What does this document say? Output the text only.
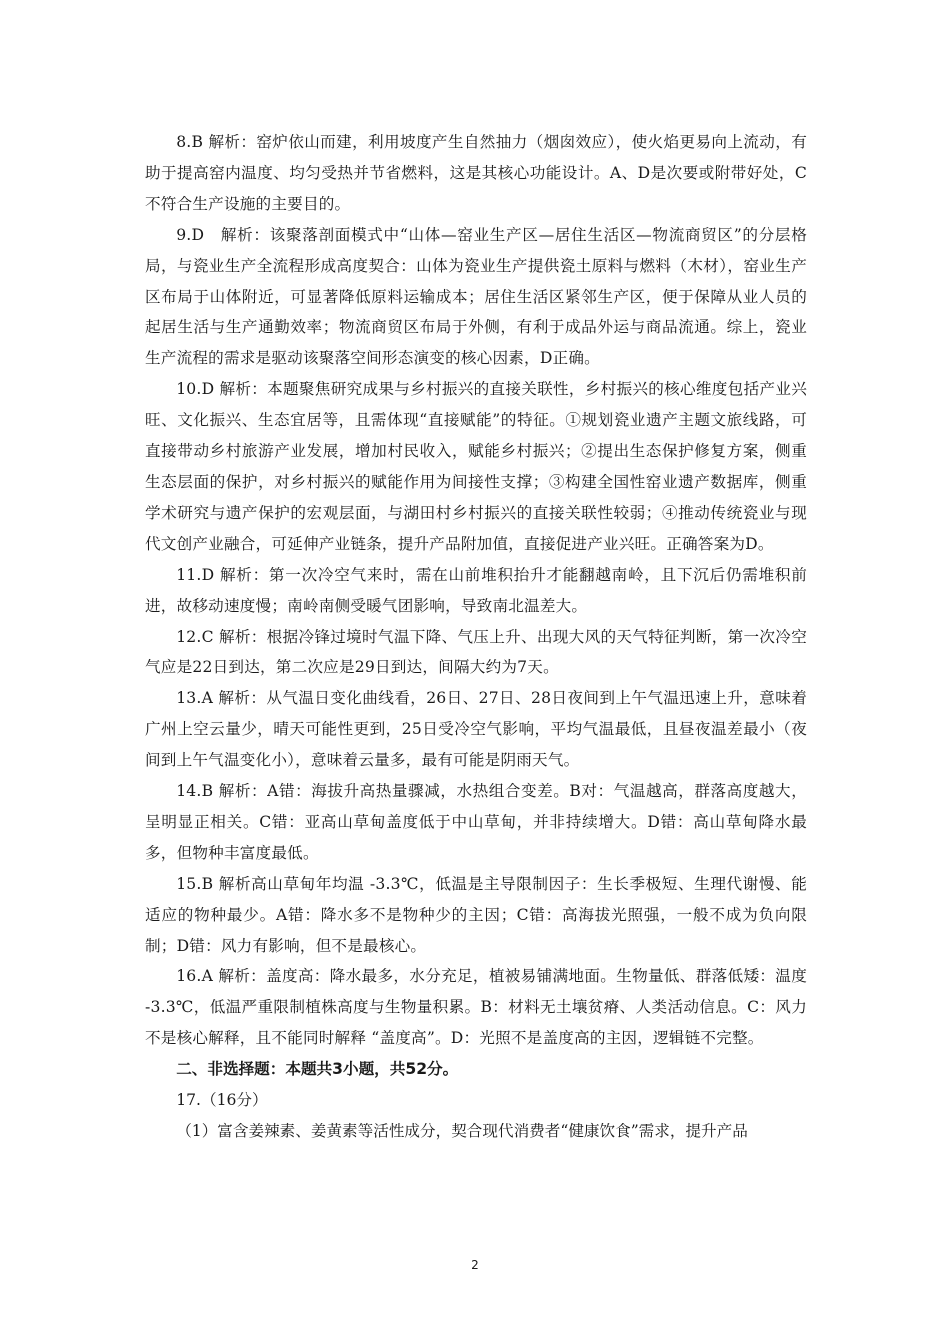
8.B 解析：窑炉依山而建，利用坡度产生自然抽力（烟囱效应），使火焰更易向上流动，有助于提高窑内温度、均匀受热并节省燃料，这是其核心功能设计。A、D是次要或附带好处，C不符合生产设施的主要目的。

9.D　解析：该聚落剖面模式中“山体—窑业生产区—居住生活区—物流商贸区”的分层格局，与瓷业生产全流程形成高度契合：山体为瓷业生产提供瓷土原料与燃料（木材），窑业生产区布局于山体附近，可显著降低原料运输成本；居住生活区紧邻生产区，便于保障从业人员的起居生活与生产通勤效率；物流商贸区布局于外侧，有利于成品外运与商品流通。综上，瓷业生产流程的需求是驱动该聚落空间形态演变的核心因素，D正确。

10.D 解析：本题聚焦研究成果与乡村振兴的直接关联性，乡村振兴的核心维度包括产业兴旺、文化振兴、生态宜居等，且需体现“直接赋能”的特征。①规划瓷业遗产主题文旅线路，可直接带动乡村旅游产业发展，增加村民收入，赋能乡村振兴；②提出生态保护修复方案，侧重生态层面的保护，对乡村振兴的赋能作用为间接性支撑；③构建全国性窑业遗产数据库，侧重学术研究与遗产保护的宏观层面，与湖田村乡村振兴的直接关联性较弱；④推动传统瓷业与现代文创产业融合，可延伸产业链条，提升产品附加值，直接促进产业兴旺。正确答案为D。

11.D 解析：第一次冷空气来时，需在山前堆积抬升才能翻越南岭，且下沉后仍需堆积前进，故移动速度慢；南岭南侧受暖气团影响，导致南北温差大。

12.C 解析：根据冷锋过境时气温下降、气压上升、出现大风的天气特征判断，第一次冷空气应是22日到达，第二次应是29日到达，间隔大约为7天。

13.A 解析：从气温日变化曲线看，26日、27日、28日夜间到上午气温迅速上升，意味着广州上空云量少，晴天可能性更到，25日受冷空气影响，平均气温最低，且昼夜温差最小（夜间到上午气温变化小），意味着云量多，最有可能是阴雨天气。

14.B 解析：A错：海拔升高热量骤减，水热组合变差。B对：气温越高，群落高度越大，呈明显正相关。C错：亚高山草甸盖度低于中山草甸，并非持续增大。D错：高山草甸降水最多，但物种丰富度最低。

15.B 解析高山草甸年均温 -3.3℃，低温是主导限制因子：生长季极短、生理代谢慢、能适应的物种最少。A错：降水多不是物种少的主因；C错：高海拔光照强，一般不成为负向限制；D错：风力有影响，但不是最核心。

16.A 解析：盖度高：降水最多，水分充足，植被易铺满地面。生物量低、群落低矮：温度 -3.3℃，低温严重限制植株高度与生物量积累。B：材料无土壤贫瘠、人类活动信息。C：风力不是核心解释，且不能同时解释 “盖度高”。D：光照不是盖度高的主因，逻辑链不完整。

二、非选择题：本题共3小题，共52分。

17.（16分）

（1）富含姜辣素、姜黄素等活性成分，契合现代消费者“健康饮食”需求，提升产品

2
